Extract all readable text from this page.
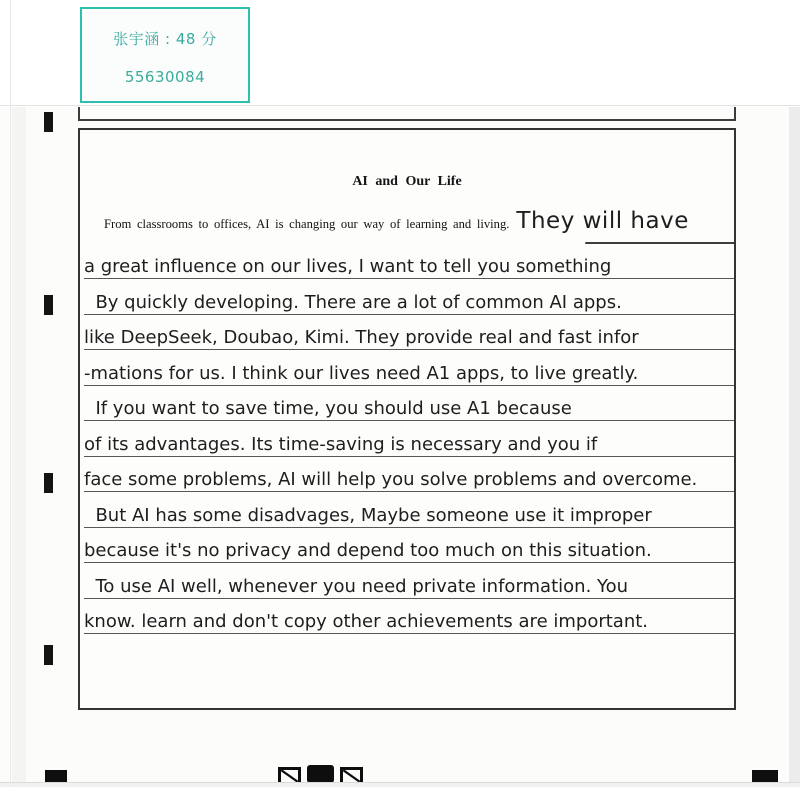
张宇涵 : 48 分
55630084
AI and Our Life
From classrooms to offices, AI is changing our way of learning and living. They will have
a great influence on our lives, I want to tell you something
By quickly developing. There are a lot of common AI apps.
like DeepSeek, Doubao, Kimi. They provide real and fast infor
-mations for us. I think our lives need A1 apps, to live greatly.
If you want to save time, you should use A1 because
of its advantages. Its time-saving is necessary and you if
face some problems, AI will help you solve problems and overcome.
But AI has some disadvages, Maybe someone use it improper
because it's no privacy and depend too much on this situation.
To use AI well, whenever you need private information. You
know. learn and don't copy other achievements are important.
